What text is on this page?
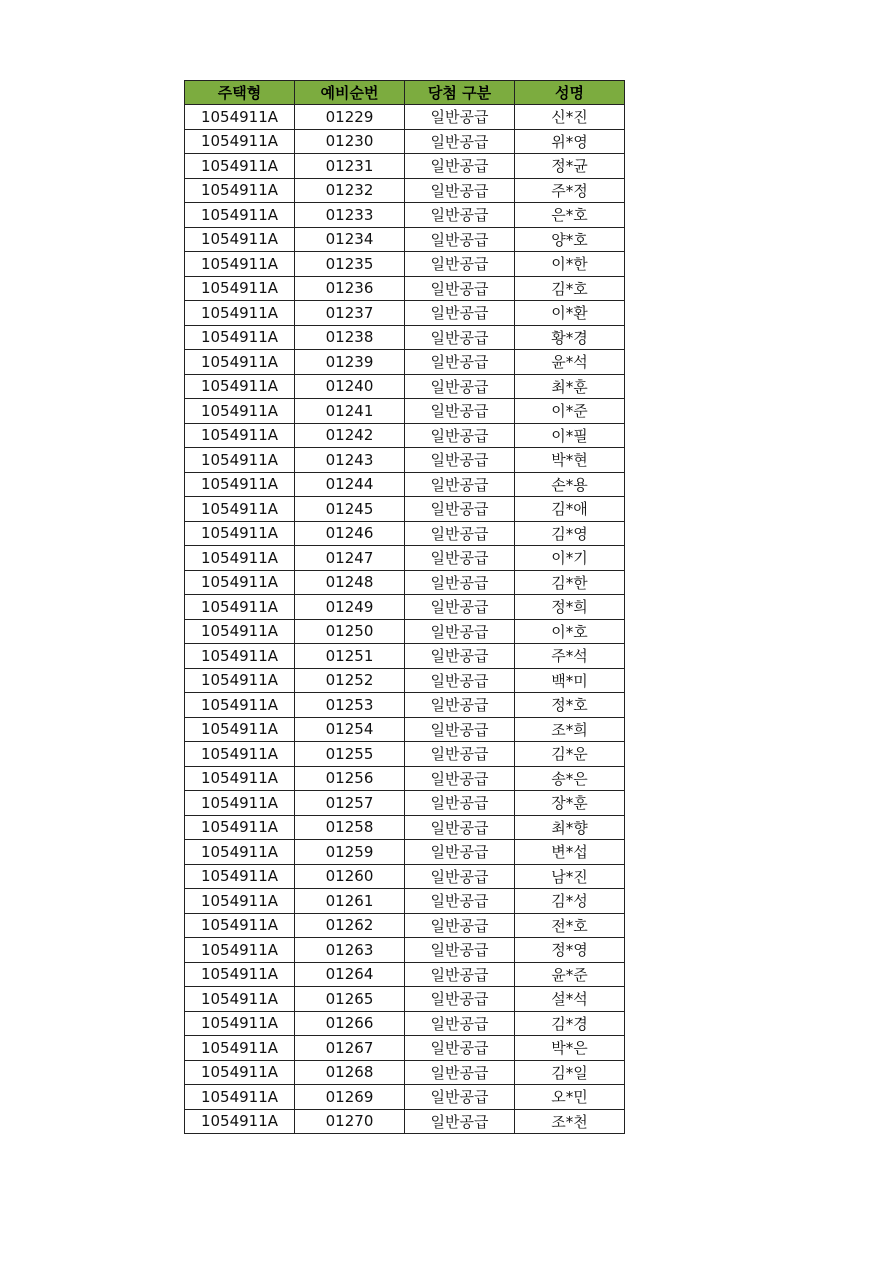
주택형	예비순번	당첨 구분	성명
1054911A	01229	일반공급	신*진
1054911A	01230	일반공급	위*영
1054911A	01231	일반공급	정*균
1054911A	01232	일반공급	주*정
1054911A	01233	일반공급	은*호
1054911A	01234	일반공급	양*호
1054911A	01235	일반공급	이*한
1054911A	01236	일반공급	김*호
1054911A	01237	일반공급	이*환
1054911A	01238	일반공급	황*경
1054911A	01239	일반공급	윤*석
1054911A	01240	일반공급	최*훈
1054911A	01241	일반공급	이*준
1054911A	01242	일반공급	이*필
1054911A	01243	일반공급	박*현
1054911A	01244	일반공급	손*용
1054911A	01245	일반공급	김*애
1054911A	01246	일반공급	김*영
1054911A	01247	일반공급	이*기
1054911A	01248	일반공급	김*한
1054911A	01249	일반공급	정*희
1054911A	01250	일반공급	이*호
1054911A	01251	일반공급	주*석
1054911A	01252	일반공급	백*미
1054911A	01253	일반공급	정*호
1054911A	01254	일반공급	조*희
1054911A	01255	일반공급	김*운
1054911A	01256	일반공급	송*은
1054911A	01257	일반공급	장*훈
1054911A	01258	일반공급	최*향
1054911A	01259	일반공급	변*섭
1054911A	01260	일반공급	남*진
1054911A	01261	일반공급	김*성
1054911A	01262	일반공급	전*호
1054911A	01263	일반공급	정*영
1054911A	01264	일반공급	윤*준
1054911A	01265	일반공급	설*석
1054911A	01266	일반공급	김*경
1054911A	01267	일반공급	박*은
1054911A	01268	일반공급	김*일
1054911A	01269	일반공급	오*민
1054911A	01270	일반공급	조*천
